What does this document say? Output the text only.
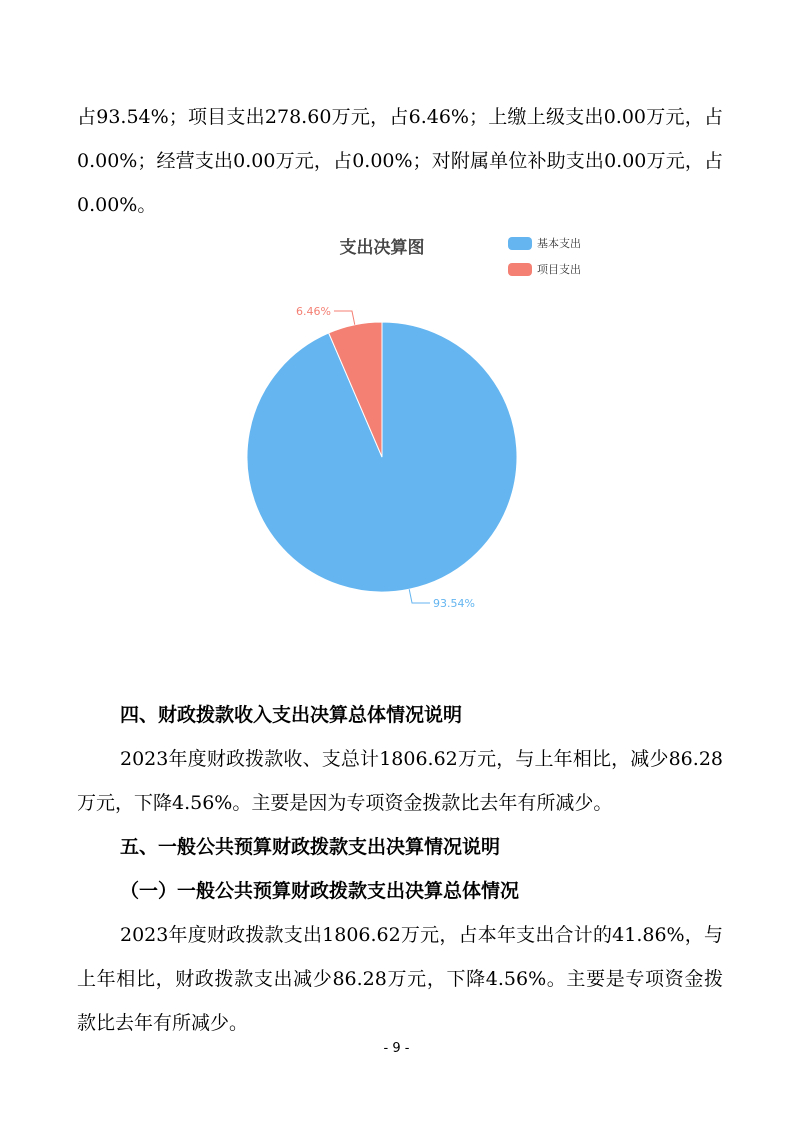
占93.54%；项目支出278.60万元，占6.46%；上缴上级支出0.00万元，占0.00%；经营支出0.00万元，占0.00%；对附属单位补助支出0.00万元，占0.00%。

支出决算图	基本支出
项目支出
93.54%
6.46%

四、财政拨款收入支出决算总体情况说明

2023年度财政拨款收、支总计1806.62万元，与上年相比，减少86.28万元，下降4.56%。主要是因为专项资金拨款比去年有所减少。

五、一般公共预算财政拨款支出决算情况说明

（一）一般公共预算财政拨款支出决算总体情况

2023年度财政拨款支出1806.62万元，占本年支出合计的41.86%，与上年相比，财政拨款支出减少86.28万元，下降4.56%。主要是专项资金拨款比去年有所减少。

- 9 -
